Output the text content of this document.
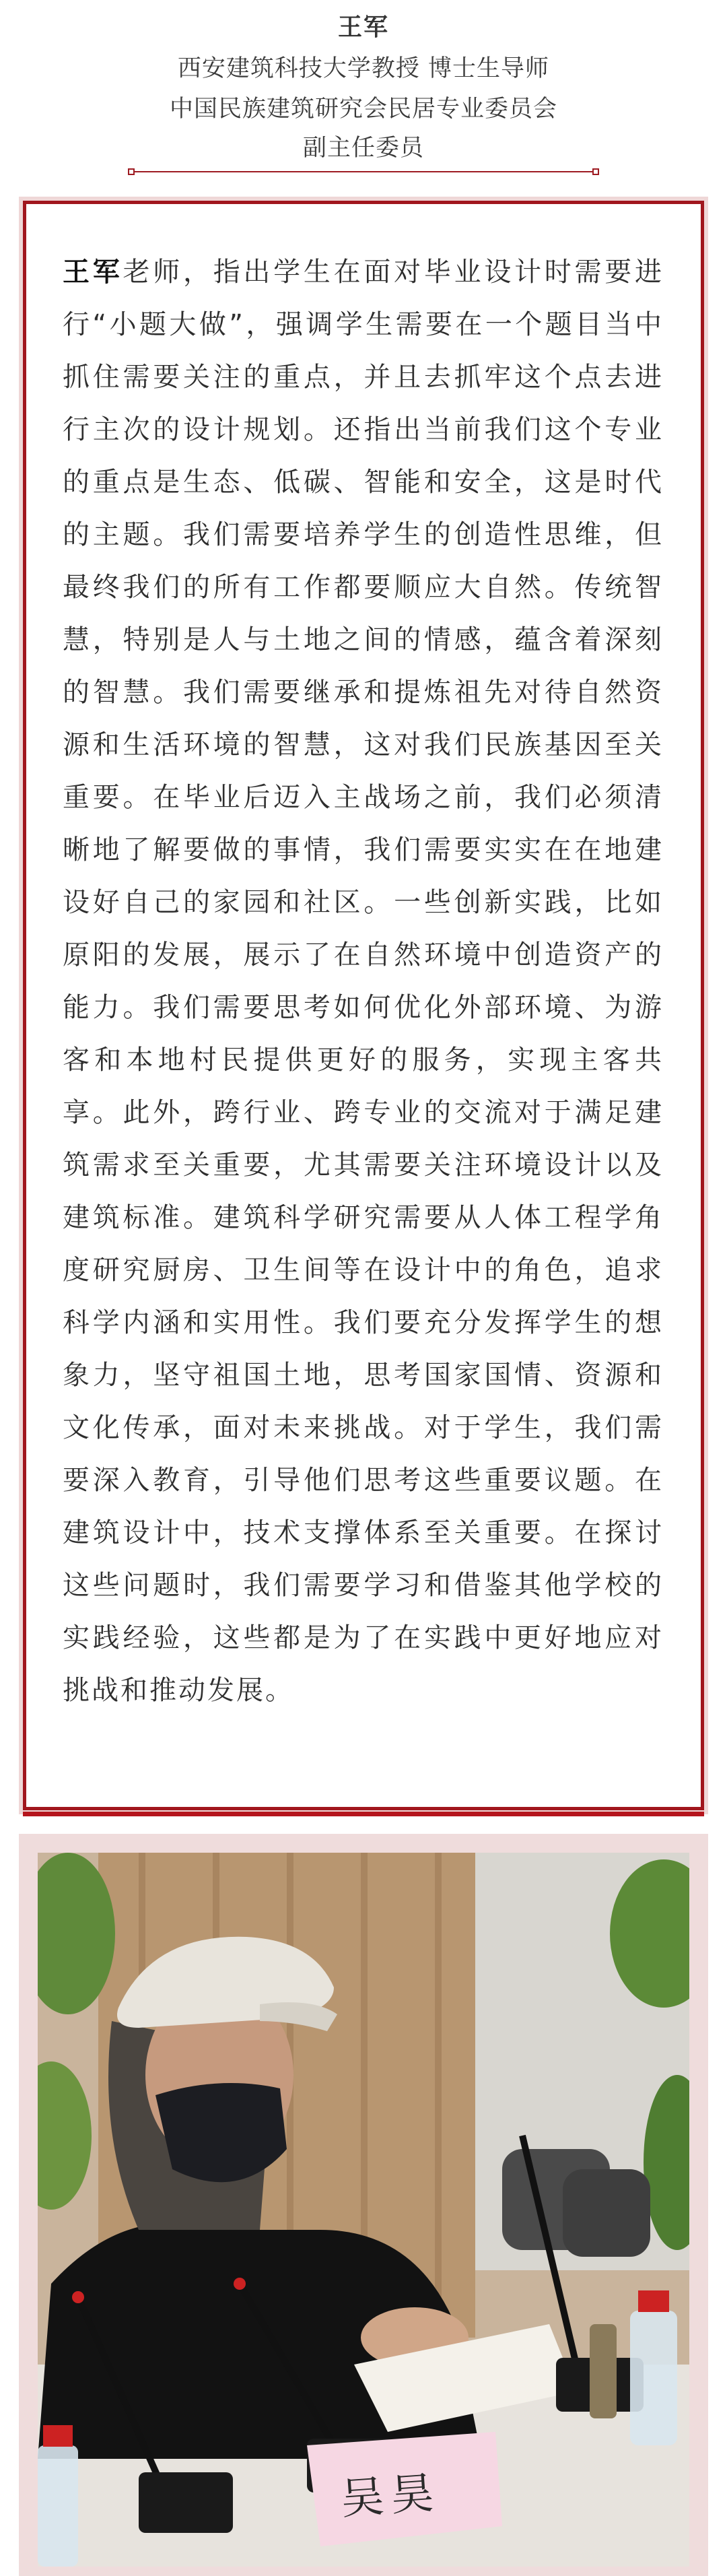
王军
西安建筑科技大学教授 博士生导师
中国民族建筑研究会民居专业委员会
副主任委员

王军老师，指出学生在面对毕业设计时需要进行“小题大做”，强调学生需要在一个题目当中抓住需要关注的重点，并且去抓牢这个点去进行主次的设计规划。还指出当前我们这个专业的重点是生态、低碳、智能和安全，这是时代的主题。我们需要培养学生的创造性思维，但最终我们的所有工作都要顺应大自然。传统智慧，特别是人与土地之间的情感，蕴含着深刻的智慧。我们需要继承和提炼祖先对待自然资源和生活环境的智慧，这对我们民族基因至关重要。在毕业后迈入主战场之前，我们必须清晰地了解要做的事情，我们需要实实在在地建设好自己的家园和社区。一些创新实践，比如原阳的发展，展示了在自然环境中创造资产的能力。我们需要思考如何优化外部环境、为游客和本地村民提供更好的服务，实现主客共享。此外，跨行业、跨专业的交流对于满足建筑需求至关重要，尤其需要关注环境设计以及建筑标准。建筑科学研究需要从人体工程学角度研究厨房、卫生间等在设计中的角色，追求科学内涵和实用性。我们要充分发挥学生的想象力，坚守祖国土地，思考国家国情、资源和文化传承，面对未来挑战。对于学生，我们需要深入教育，引导他们思考这些重要议题。在建筑设计中，技术支撑体系至关重要。在探讨这些问题时，我们需要学习和借鉴其他学校的实践经验，这些都是为了在实践中更好地应对挑战和推动发展。

吴昊
